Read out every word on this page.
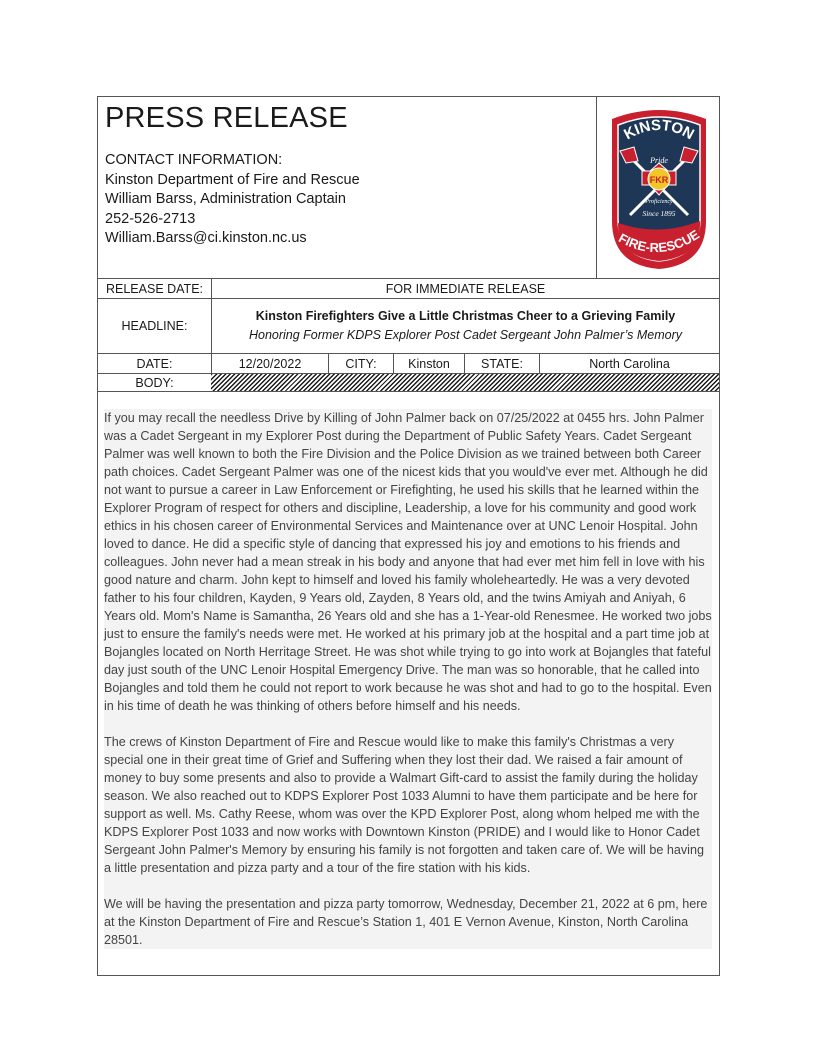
PRESS RELEASE
CONTACT INFORMATION:
Kinston Department of Fire and Rescue
William Barss, Administration Captain
252-526-2713
William.Barss@ci.kinston.nc.us
KINSTON
FKR
Pride
Proficiency
Since 1895
FIRE-RESCUE
RELEASE DATE:	FOR IMMEDIATE RELEASE
HEADLINE:
Kinston Firefighters Give a Little Christmas Cheer to a Grieving Family
Honoring Former KDPS Explorer Post Cadet Sergeant John Palmer’s Memory
DATE:	12/20/2022	CITY:	Kinston	STATE:	North Carolina
BODY:

If you may recall the needless Drive by Killing of John Palmer back on 07/25/2022 at 0455 hrs. John Palmer was a Cadet Sergeant in my Explorer Post during the Department of Public Safety Years. Cadet Sergeant Palmer was well known to both the Fire Division and the Police Division as we trained between both Career path choices. Cadet Sergeant Palmer was one of the nicest kids that you would've ever met. Although he did not want to pursue a career in Law Enforcement or Firefighting, he used his skills that he learned within the Explorer Program of respect for others and discipline, Leadership, a love for his community and good work ethics in his chosen career of Environmental Services and Maintenance over at UNC Lenoir Hospital. John loved to dance. He did a specific style of dancing that expressed his joy and emotions to his friends and colleagues. John never had a mean streak in his body and anyone that had ever met him fell in love with his good nature and charm. John kept to himself and loved his family wholeheartedly. He was a very devoted father to his four children, Kayden, 9 Years old, Zayden, 8 Years old, and the twins Amiyah and Aniyah, 6 Years old. Mom's Name is Samantha, 26 Years old and she has a 1-Year-old Renesmee. He worked two jobs just to ensure the family's needs were met. He worked at his primary job at the hospital and a part time job at Bojangles located on North Herritage Street. He was shot while trying to go into work at Bojangles that fateful day just south of the UNC Lenoir Hospital Emergency Drive. The man was so honorable, that he called into Bojangles and told them he could not report to work because he was shot and had to go to the hospital. Even in his time of death he was thinking of others before himself and his needs.

The crews of Kinston Department of Fire and Rescue would like to make this family's Christmas a very special one in their great time of Grief and Suffering when they lost their dad. We raised a fair amount of money to buy some presents and also to provide a Walmart Gift-card to assist the family during the holiday season. We also reached out to KDPS Explorer Post 1033 Alumni to have them participate and be here for support as well. Ms. Cathy Reese, whom was over the KPD Explorer Post, along whom helped me with the KDPS Explorer Post 1033 and now works with Downtown Kinston (PRIDE) and I would like to Honor Cadet Sergeant John Palmer's Memory by ensuring his family is not forgotten and taken care of. We will be having a little presentation and pizza party and a tour of the fire station with his kids.

We will be having the presentation and pizza party tomorrow, Wednesday, December 21, 2022 at 6 pm, here at the Kinston Department of Fire and Rescue’s Station 1, 401 E Vernon Avenue, Kinston, North Carolina 28501.
